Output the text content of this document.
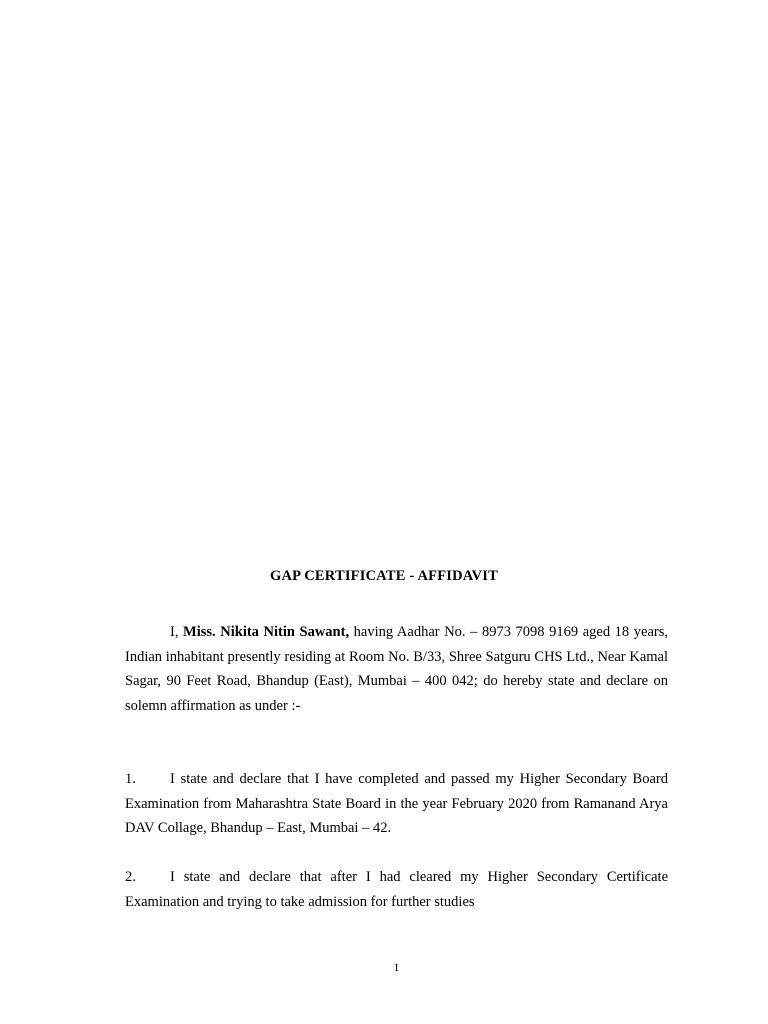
GAP CERTIFICATE - AFFIDAVIT
I, Miss. Nikita Nitin Sawant, having Aadhar No. – 8973 7098 9169 aged 18 years, Indian inhabitant presently residing at Room No. B/33, Shree Satguru CHS Ltd., Near Kamal Sagar, 90 Feet Road, Bhandup (East), Mumbai – 400 042; do hereby state and declare on solemn affirmation as under :-
1. I state and declare that I have completed and passed my Higher Secondary Board Examination from Maharashtra State Board in the year February 2020 from Ramanand Arya DAV Collage, Bhandup – East, Mumbai – 42.
2. I state and declare that after I had cleared my Higher Secondary Certificate Examination and trying to take admission for further studies
1
